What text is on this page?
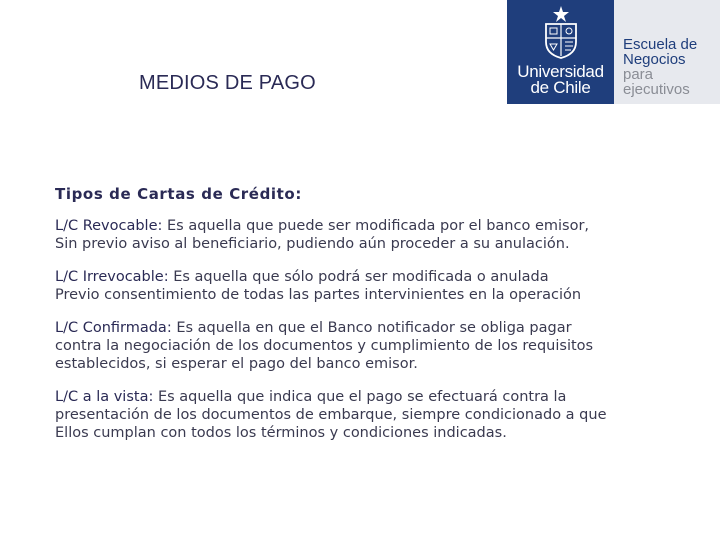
MEDIOS DE PAGO
Universidad
de Chile
Escuela de
Negocios
para
ejecutivos
Tipos de Cartas de Crédito:
L/C Revocable: Es aquella que puede ser modificada por el banco emisor,
Sin previo aviso al beneficiario, pudiendo aún proceder a su anulación.
L/C Irrevocable: Es aquella que sólo podrá ser modificada o anulada
Previo consentimiento de todas las partes intervinientes en la operación
L/C Confirmada: Es aquella en que el Banco notificador se obliga pagar
contra la negociación de los documentos y cumplimiento de los requisitos
establecidos, si esperar el pago del banco emisor.
L/C a la vista: Es aquella que indica que el pago se efectuará contra la
presentación de los documentos de embarque, siempre condicionado a que
Ellos cumplan con todos los términos y condiciones indicadas.
